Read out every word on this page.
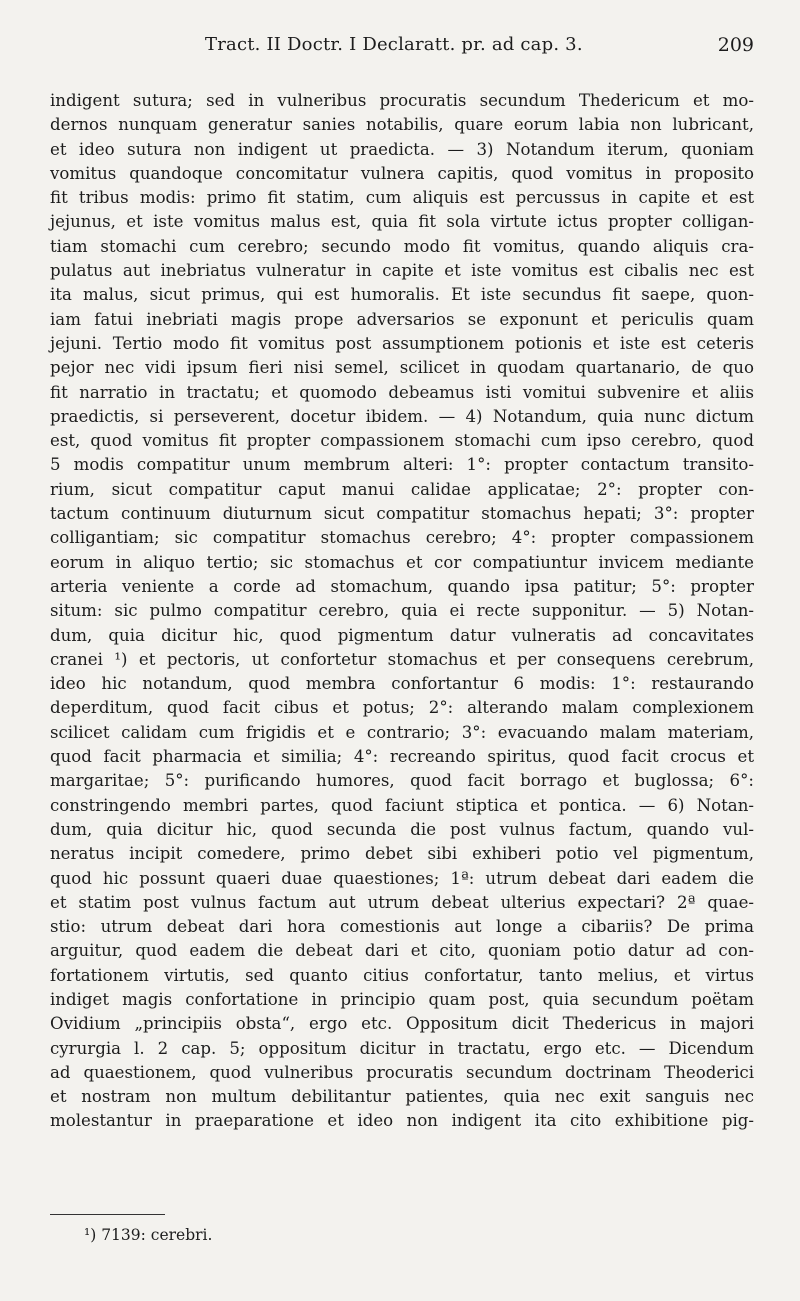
Tract. II Doctr. I Declaratt. pr. ad cap. 3.	209
indigent sutura; sed in vulneribus procuratis secundum Thedericum et mo-
dernos nunquam generatur sanies notabilis, quare eorum labia non lubricant,
et ideo sutura non indigent ut praedicta. — 3) Notandum iterum, quoniam
vomitus quandoque concomitatur vulnera capitis, quod vomitus in proposito
fit tribus modis: primo fit statim, cum aliquis est percussus in capite et est
jejunus, et iste vomitus malus est, quia fit sola virtute ictus propter colligan-
tiam stomachi cum cerebro; secundo modo fit vomitus, quando aliquis cra-
pulatus aut inebriatus vulneratur in capite et iste vomitus est cibalis nec est
ita malus, sicut primus, qui est humoralis. Et iste secundus fit saepe, quon-
iam fatui inebriati magis prope adversarios se exponunt et periculis quam
jejuni. Tertio modo fit vomitus post assumptionem potionis et iste est ceteris
pejor nec vidi ipsum fieri nisi semel, scilicet in quodam quartanario, de quo
fit narratio in tractatu; et quomodo debeamus isti vomitui subvenire et aliis
praedictis, si perseverent, docetur ibidem. — 4) Notandum, quia nunc dictum
est, quod vomitus fit propter compassionem stomachi cum ipso cerebro, quod
5 modis compatitur unum membrum alteri: 1°: propter contactum transito-
rium, sicut compatitur caput manui calidae applicatae; 2°: propter con-
tactum continuum diuturnum sicut compatitur stomachus hepati; 3°: propter
colligantiam; sic compatitur stomachus cerebro; 4°: propter compassionem
eorum in aliquo tertio; sic stomachus et cor compatiuntur invicem mediante
arteria veniente a corde ad stomachum, quando ipsa patitur; 5°: propter
situm: sic pulmo compatitur cerebro, quia ei recte supponitur. — 5) Notan-
dum, quia dicitur hic, quod pigmentum datur vulneratis ad concavitates
cranei ¹) et pectoris, ut confortetur stomachus et per consequens cerebrum,
ideo hic notandum, quod membra confortantur 6 modis: 1°: restaurando
deperditum, quod facit cibus et potus; 2°: alterando malam complexionem
scilicet calidam cum frigidis et e contrario; 3°: evacuando malam materiam,
quod facit pharmacia et similia; 4°: recreando spiritus, quod facit crocus et
margaritae; 5°: purificando humores, quod facit borrago et buglossa; 6°:
constringendo membri partes, quod faciunt stiptica et pontica. — 6) Notan-
dum, quia dicitur hic, quod secunda die post vulnus factum, quando vul-
neratus incipit comedere, primo debet sibi exhiberi potio vel pigmentum,
quod hic possunt quaeri duae quaestiones; 1ª: utrum debeat dari eadem die
et statim post vulnus factum aut utrum debeat ulterius expectari? 2ª quae-
stio: utrum debeat dari hora comestionis aut longe a cibariis? De prima
arguitur, quod eadem die debeat dari et cito, quoniam potio datur ad con-
fortationem virtutis, sed quanto citius confortatur, tanto melius, et virtus
indiget magis confortatione in principio quam post, quia secundum poëtam
Ovidium „principiis obsta“, ergo etc. Oppositum dicit Thedericus in majori
cyrurgia l. 2 cap. 5; oppositum dicitur in tractatu, ergo etc. — Dicendum
ad quaestionem, quod vulneribus procuratis secundum doctrinam Theoderici
et nostram non multum debilitantur patientes, quia nec exit sanguis nec
molestantur in praeparatione et ideo non indigent ita cito exhibitione pig-
¹) 7139: cerebri.
